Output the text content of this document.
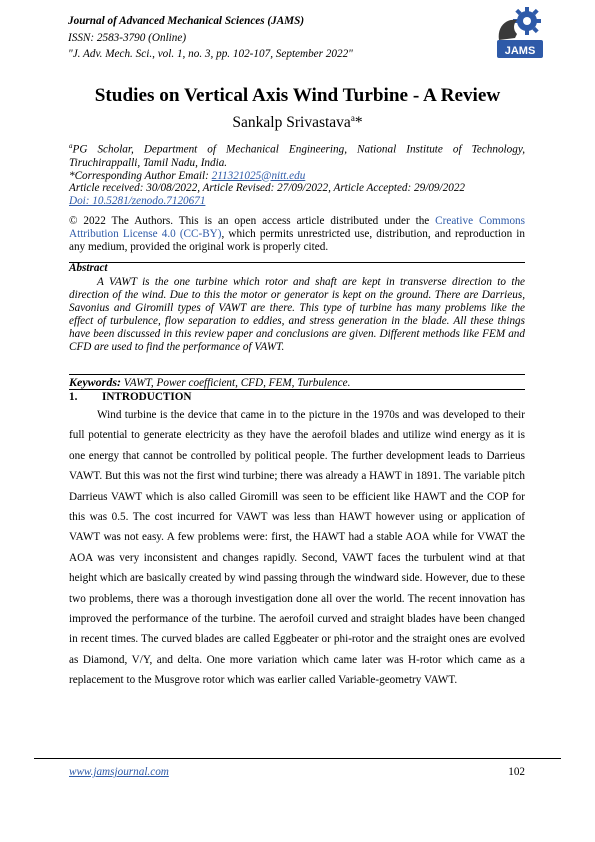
Journal of Advanced Mechanical Sciences (JAMS)
ISSN: 2583-3790 (Online)
"J. Adv. Mech. Sci., vol. 1, no. 3, pp. 102-107, September 2022"	JAMS
Studies on Vertical Axis Wind Turbine - A Review
Sankalp Srivastava$^a$*
$^a$PG Scholar, Department of Mechanical Engineering, National Institute of Technology, Tiruchirappalli, Tamil Nadu, India.
*Corresponding Author Email: 211321025@nitt.edu
Article received: 30/08/2022, Article Revised: 27/09/2022, Article Accepted: 29/09/2022
Doi: 10.5281/zenodo.7120671
© 2022 The Authors. This is an open access article distributed under the Creative Commons Attribution License 4.0 (CC-BY), which permits unrestricted use, distribution, and reproduction in any medium, provided the original work is properly cited.
Abstract
A VAWT is the one turbine which rotor and shaft are kept in transverse direction to the direction of the wind. Due to this the motor or generator is kept on the ground. There are Darrieus, Savonius and Giromill types of VAWT are there. This type of turbine has many problems like the effect of turbulence, flow separation to eddies, and stress generation in the blade. All these things have been discussed in this review paper and conclusions are given. Different methods like FEM and CFD are used to find the performance of VAWT.
Keywords: VAWT, Power coefficient, CFD, FEM, Turbulence.
1. INTRODUCTION
Wind turbine is the device that came in to the picture in the 1970s and was developed to their full potential to generate electricity as they have the aerofoil blades and utilize wind energy as it is one energy that cannot be controlled by political people. The further development leads to Darrieus VAWT. But this was not the first wind turbine; there was already a HAWT in 1891. The variable pitch Darrieus VAWT which is also called Giromill was seen to be efficient like HAWT and the COP for this was 0.5. The cost incurred for VAWT was less than HAWT however using or application of VAWT was not easy. A few problems were: first, the HAWT had a stable AOA while for VWAT the AOA was very inconsistent and changes rapidly. Second, VAWT faces the turbulent wind at that height which are basically created by wind passing through the windward side. However, due to these two problems, there was a thorough investigation done all over the world. The recent innovation has improved the performance of the turbine. The aerofoil curved and straight blades have been changed in recent times. The curved blades are called Eggbeater or phi-rotor and the straight ones are evolved as Diamond, V/Y, and delta. One more variation which came later was H-rotor which came as a replacement to the Musgrove rotor which was earlier called Variable-geometry VAWT.
www.jamsjournal.com	102
